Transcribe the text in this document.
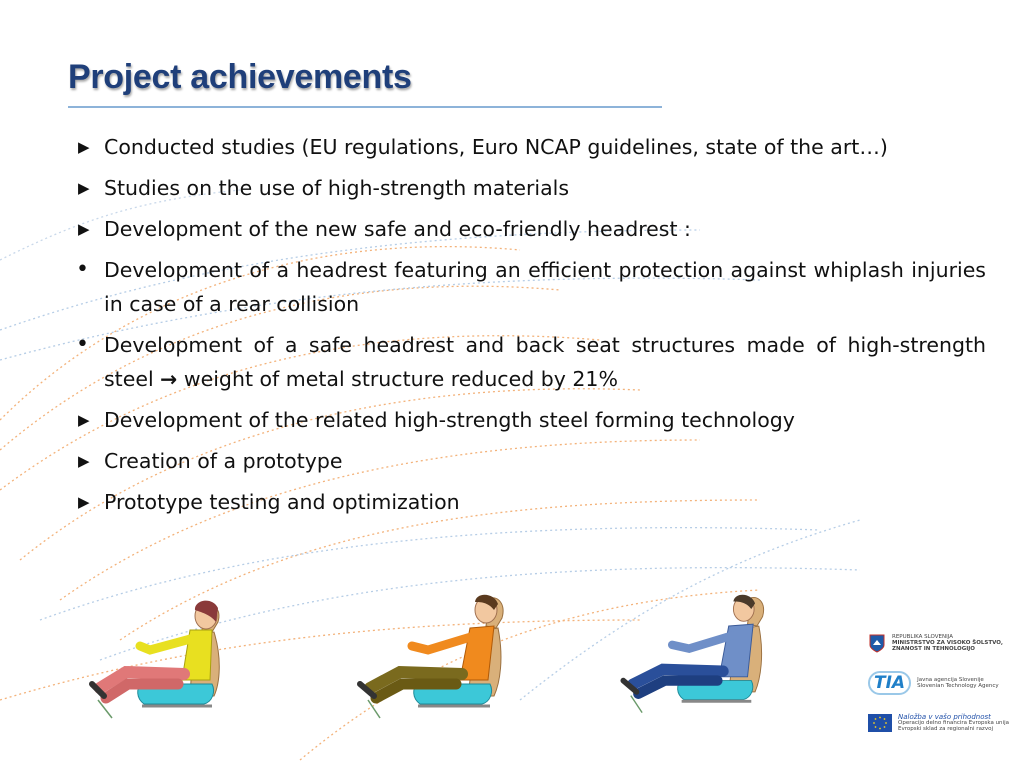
Project achievements
▶ Conducted studies (EU regulations, Euro NCAP guidelines, state of the art…)
▶ Studies on the use of high-strength materials
▶ Development of the new safe and eco-friendly headrest :
• Development of a headrest featuring an efficient protection against whiplash injuries in case of a rear collision
• Development of a safe headrest and back seat structures made of high-strength steel → weight of metal structure reduced by 21%
▶ Development of the related high-strength steel forming technology
▶ Creation of a prototype
▶ Prototype testing and optimization
REPUBLIKA SLOVENIJA
MINISTRSTVO ZA VISOKO ŠOLSTVO,
ZNANOST IN TEHNOLOGIJO
TIA	Javna agencija Slovenije
Slovenian Technology Agency
Naložba v vašo prihodnost
Operacijo delno financira Evropska unija
Evropski sklad za regionalni razvoj
